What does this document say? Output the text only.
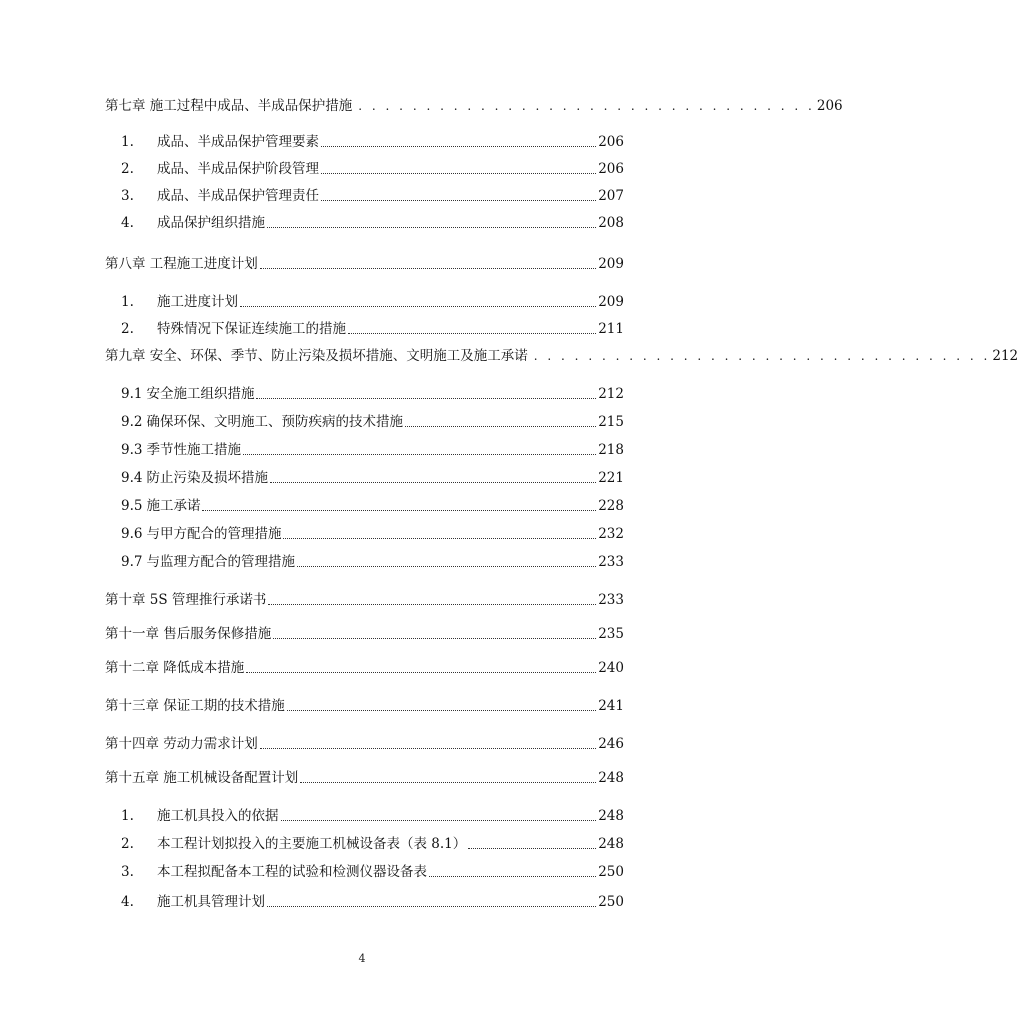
第七章 施工过程中成品、半成品保护措施 . . . . . . . . . . . . . . . . . . . . . . . . . . . . . . . . . . 206
1.	成品、半成品保护管理要素	206
2.	成品、半成品保护阶段管理	206
3.	成品、半成品保护管理责任	207
4.	成品保护组织措施	208
第八章 工程施工进度计划	209
1.	施工进度计划	209
2.	特殊情况下保证连续施工的措施	211
第九章 安全、环保、季节、防止污染及损坏措施、文明施工及施工承诺 . . . . . . . . . . . . . . . . . . . . . . . . . . . . . . . . . . 212
9.1 安全施工组织措施	212
9.2 确保环保、文明施工、预防疾病的技术措施	215
9.3 季节性施工措施	218
9.4 防止污染及损坏措施	221
9.5 施工承诺	228
9.6 与甲方配合的管理措施	232
9.7 与监理方配合的管理措施	233
第十章 5S 管理推行承诺书	233
第十一章 售后服务保修措施	235
第十二章 降低成本措施	240
第十三章 保证工期的技术措施	241
第十四章 劳动力需求计划	246
第十五章 施工机械设备配置计划	248
1.	施工机具投入的依据	248
2.	本工程计划拟投入的主要施工机械设备表（表 8.1）	248
3.	本工程拟配备本工程的试验和检测仪器设备表	250
4.	施工机具管理计划	250
4
